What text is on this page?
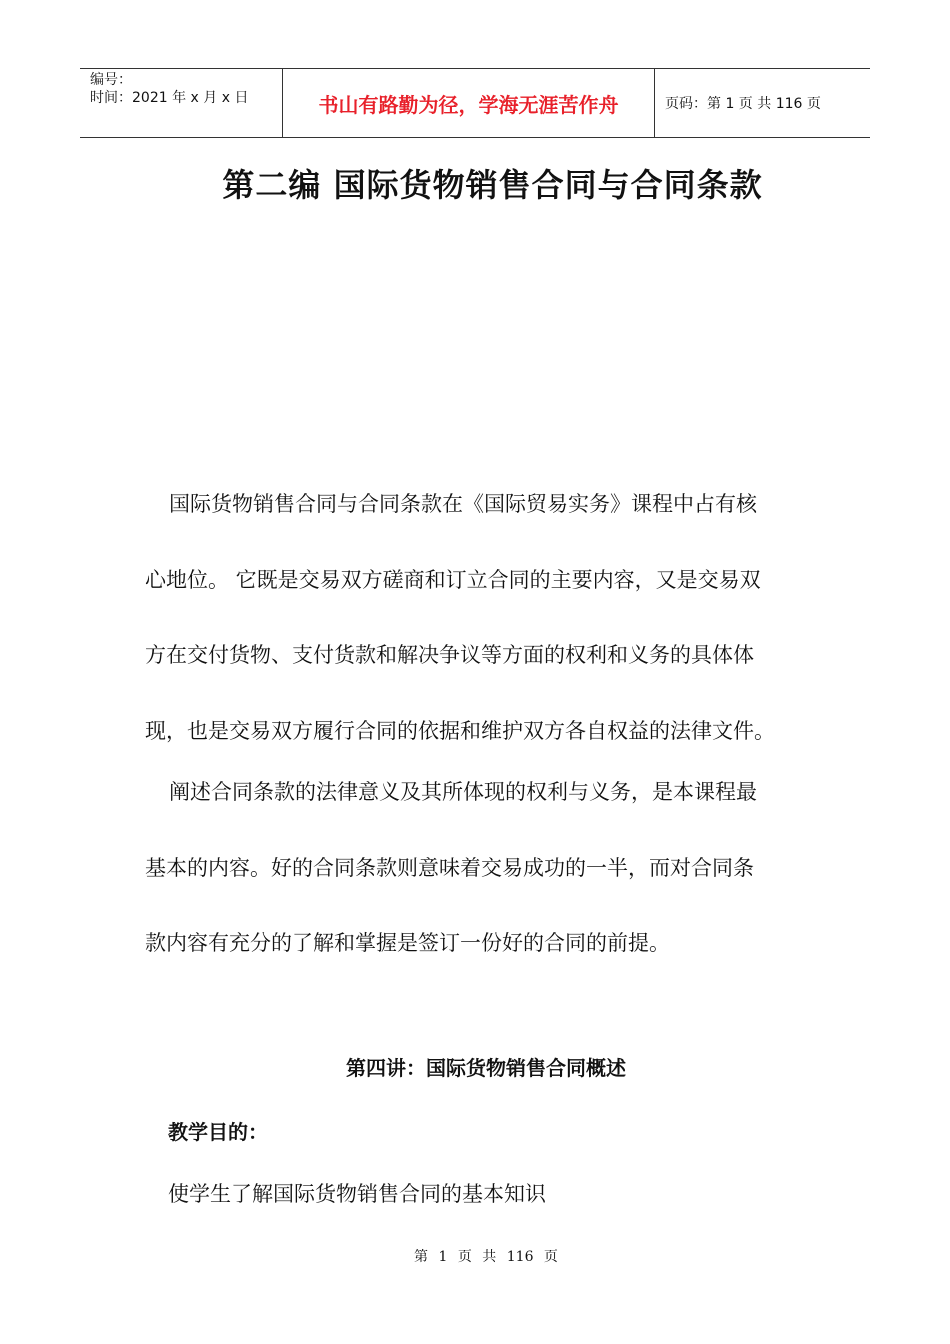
编号：
时间：2021 年 x 月 x 日	书山有路勤为径，学海无涯苦作舟	页码：第 1 页 共 116 页
第二编 国际货物销售合同与合同条款
国际货物销售合同与合同条款在《国际贸易实务》课程中占有核
心地位。 它既是交易双方磋商和订立合同的主要内容，又是交易双
方在交付货物、支付货款和解决争议等方面的权利和义务的具体体
现，也是交易双方履行合同的依据和维护双方各自权益的法律文件。
阐述合同条款的法律意义及其所体现的权利与义务，是本课程最
基本的内容。好的合同条款则意味着交易成功的一半，而对合同条
款内容有充分的了解和掌握是签订一份好的合同的前提。
第四讲：国际货物销售合同概述
教学目的：
使学生了解国际货物销售合同的基本知识
第 1 页 共 116 页
